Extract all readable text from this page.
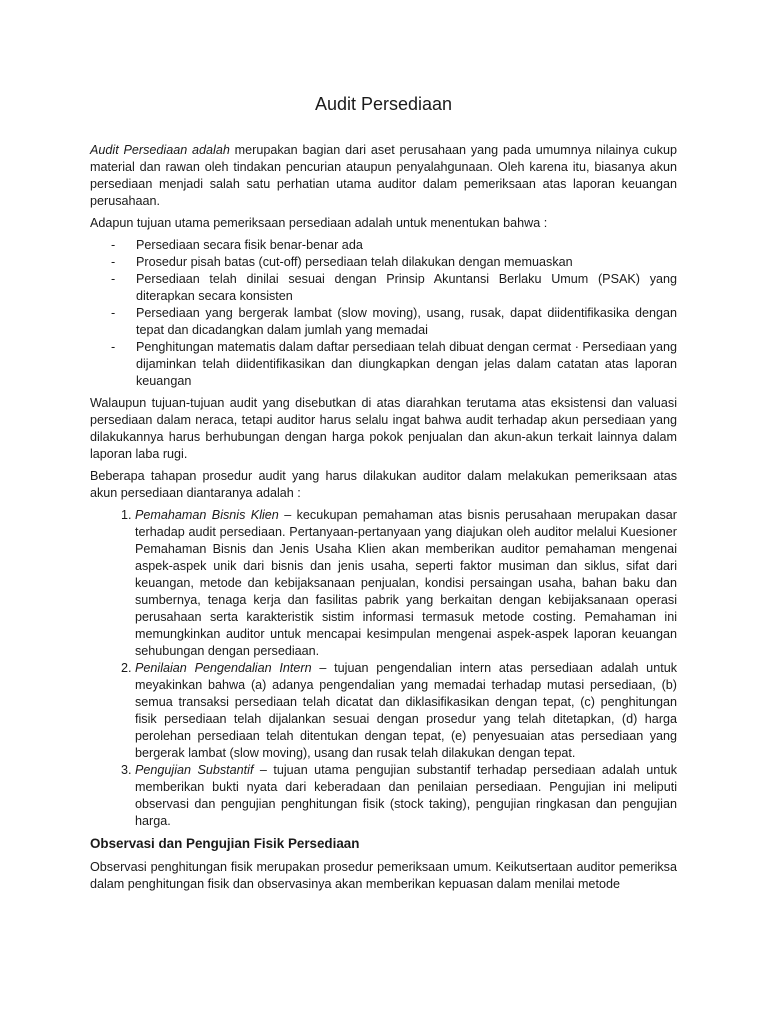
Audit Persediaan

Audit Persediaan adalah merupakan bagian dari aset perusahaan yang pada umumnya nilainya cukup material dan rawan oleh tindakan pencurian ataupun penyalahgunaan. Oleh karena itu, biasanya akun persediaan menjadi salah satu perhatian utama auditor dalam pemeriksaan atas laporan keuangan perusahaan.

Adapun tujuan utama pemeriksaan persediaan adalah untuk menentukan bahwa :

- Persediaan secara fisik benar-benar ada
- Prosedur pisah batas (cut-off) persediaan telah dilakukan dengan memuaskan
- Persediaan telah dinilai sesuai dengan Prinsip Akuntansi Berlaku Umum (PSAK) yang diterapkan secara konsisten
- Persediaan yang bergerak lambat (slow moving), usang, rusak, dapat diidentifikasika dengan tepat dan dicadangkan dalam jumlah yang memadai
- Penghitungan matematis dalam daftar persediaan telah dibuat dengan cermat · Persediaan yang dijaminkan telah diidentifikasikan dan diungkapkan dengan jelas dalam catatan atas laporan keuangan

Walaupun tujuan-tujuan audit yang disebutkan di atas diarahkan terutama atas eksistensi dan valuasi persediaan dalam neraca, tetapi auditor harus selalu ingat bahwa audit terhadap akun persediaan yang dilakukannya harus berhubungan dengan harga pokok penjualan dan akun-akun terkait lainnya dalam laporan laba rugi.

Beberapa tahapan prosedur audit yang harus dilakukan auditor dalam melakukan pemeriksaan atas akun persediaan diantaranya adalah :

1. Pemahaman Bisnis Klien – kecukupan pemahaman atas bisnis perusahaan merupakan dasar terhadap audit persediaan. Pertanyaan-pertanyaan yang diajukan oleh auditor melalui Kuesioner Pemahaman Bisnis dan Jenis Usaha Klien akan memberikan auditor pemahaman mengenai aspek-aspek unik dari bisnis dan jenis usaha, seperti faktor musiman dan siklus, sifat dari keuangan, metode dan kebijaksanaan penjualan, kondisi persaingan usaha, bahan baku dan sumbernya, tenaga kerja dan fasilitas pabrik yang berkaitan dengan kebijaksanaan operasi perusahaan serta karakteristik sistim informasi termasuk metode costing. Pemahaman ini memungkinkan auditor untuk mencapai kesimpulan mengenai aspek-aspek laporan keuangan sehubungan dengan persediaan.
2. Penilaian Pengendalian Intern – tujuan pengendalian intern atas persediaan adalah untuk meyakinkan bahwa (a) adanya pengendalian yang memadai terhadap mutasi persediaan, (b) semua transaksi persediaan telah dicatat dan diklasifikasikan dengan tepat, (c) penghitungan fisik persediaan telah dijalankan sesuai dengan prosedur yang telah ditetapkan, (d) harga perolehan persediaan telah ditentukan dengan tepat, (e) penyesuaian atas persediaan yang bergerak lambat (slow moving), usang dan rusak telah dilakukan dengan tepat.
3. Pengujian Substantif – tujuan utama pengujian substantif terhadap persediaan adalah untuk memberikan bukti nyata dari keberadaan dan penilaian persediaan. Pengujian ini meliputi observasi dan pengujian penghitungan fisik (stock taking), pengujian ringkasan dan pengujian harga.
Observasi dan Pengujian Fisik Persediaan

Observasi penghitungan fisik merupakan prosedur pemeriksaan umum. Keikutsertaan auditor pemeriksa dalam penghitungan fisik dan observasinya akan memberikan kepuasan dalam menilai metode
